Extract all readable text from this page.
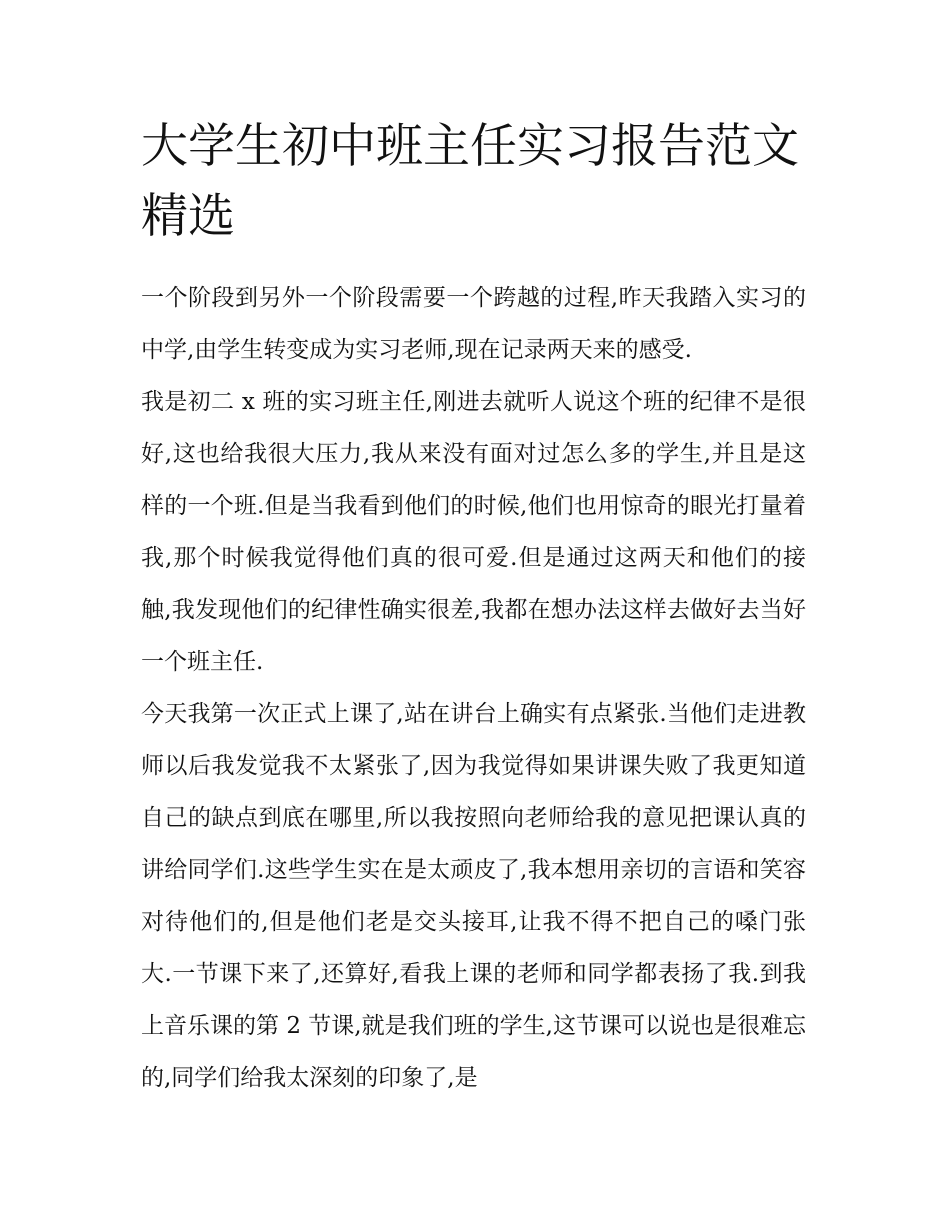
大学生初中班主任实习报告范文精选

一个阶段到另外一个阶段需要一个跨越的过程,昨天我踏入实习的中学,由学生转变成为实习老师,现在记录两天来的感受.

我是初二 x 班的实习班主任,刚进去就听人说这个班的纪律不是很好,这也给我很大压力,我从来没有面对过怎么多的学生,并且是这样的一个班.但是当我看到他们的时候,他们也用惊奇的眼光打量着我,那个时候我觉得他们真的很可爱.但是通过这两天和他们的接触,我发现他们的纪律性确实很差,我都在想办法这样去做好去当好一个班主任.

今天我第一次正式上课了,站在讲台上确实有点紧张.当他们走进教师以后我发觉我不太紧张了,因为我觉得如果讲课失败了我更知道自己的缺点到底在哪里,所以我按照向老师给我的意见把课认真的讲给同学们.这些学生实在是太顽皮了,我本想用亲切的言语和笑容对待他们的,但是他们老是交头接耳,让我不得不把自己的嗓门张大.一节课下来了,还算好,看我上课的老师和同学都表扬了我.到我上音乐课的第 2 节课,就是我们班的学生,这节课可以说也是很难忘的,同学们给我太深刻的印象了,是
